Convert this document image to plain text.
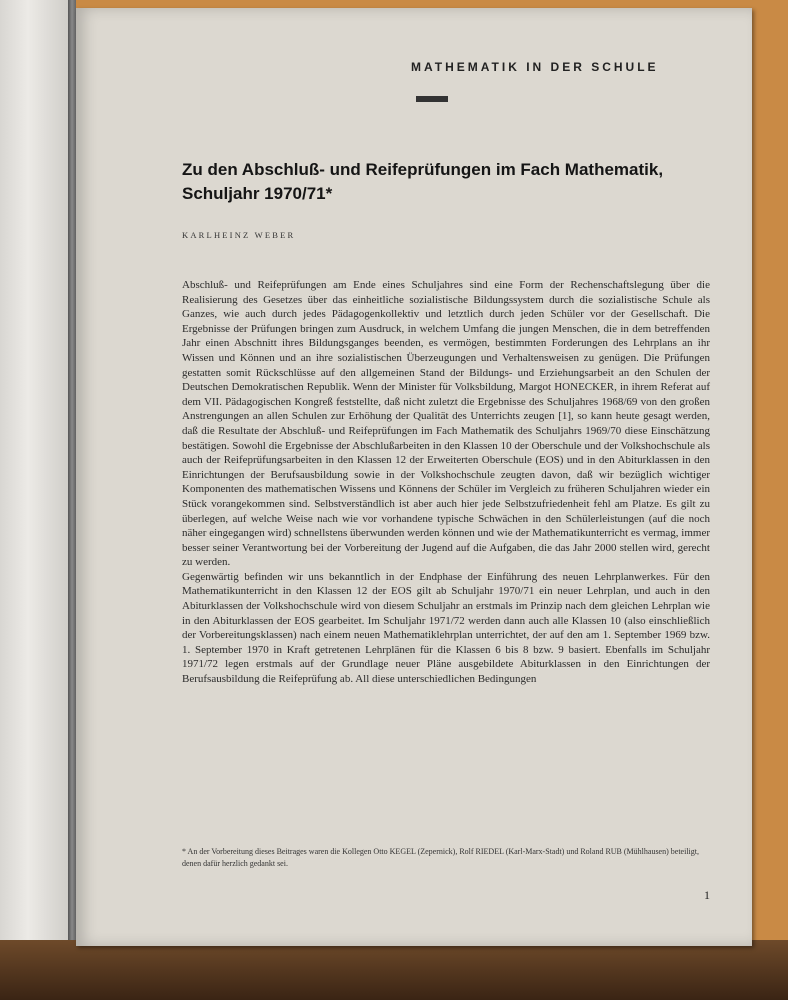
MATHEMATIK IN DER SCHULE
Zu den Abschluß- und Reifeprüfungen im Fach Mathematik,
Schuljahr 1970/71*
KARLHEINZ WEBER

Abschluß- und Reifeprüfungen am Ende eines Schuljahres sind eine Form der Rechenschaftslegung über die Realisierung des Gesetzes über das einheitliche sozialistische Bildungssystem durch die sozialistische Schule als Ganzes, wie auch durch jedes Pädagogenkollektiv und letztlich durch jeden Schüler vor der Gesellschaft. Die Ergebnisse der Prüfungen bringen zum Ausdruck, in welchem Umfang die jungen Menschen, die in dem betreffenden Jahr einen Abschnitt ihres Bildungsganges beenden, es vermögen, bestimmten Forderungen des Lehrplans an ihr Wissen und Können und an ihre sozialistischen Überzeugungen und Verhaltensweisen zu genügen. Die Prüfungen gestatten somit Rückschlüsse auf den allgemeinen Stand der Bildungs- und Erziehungsarbeit an den Schulen der Deutschen Demokratischen Republik. Wenn der Minister für Volksbildung, Margot HONECKER, in ihrem Referat auf dem VII. Pädagogischen Kongreß feststellte, daß nicht zuletzt die Ergebnisse des Schuljahres 1968/69 von den großen Anstrengungen an allen Schulen zur Erhöhung der Qualität des Unterrichts zeugen [1], so kann heute gesagt werden, daß die Resultate der Abschluß- und Reifeprüfungen im Fach Mathematik des Schuljahrs 1969/70 diese Einschätzung bestätigen. Sowohl die Ergebnisse der Abschlußarbeiten in den Klassen 10 der Oberschule und der Volkshochschule als auch der Reifeprüfungsarbeiten in den Klassen 12 der Erweiterten Oberschule (EOS) und in den Abiturklassen in den Einrichtungen der Berufsausbildung sowie in der Volkshochschule zeugten davon, daß wir bezüglich wichtiger Komponenten des mathematischen Wissens und Könnens der Schüler im Vergleich zu früheren Schuljahren wieder ein Stück vorangekommen sind. Selbstverständlich ist aber auch hier jede Selbstzufriedenheit fehl am Platze. Es gilt zu überlegen, auf welche Weise nach wie vor vorhandene typische Schwächen in den Schülerleistungen (auf die noch näher eingegangen wird) schnellstens überwunden werden können und wie der Mathematikunterricht es vermag, immer besser seiner Verantwortung bei der Vorbereitung der Jugend auf die Aufgaben, die das Jahr 2000 stellen wird, gerecht zu werden.

Gegenwärtig befinden wir uns bekanntlich in der Endphase der Einführung des neuen Lehrplanwerkes. Für den Mathematikunterricht in den Klassen 12 der EOS gilt ab Schuljahr 1970/71 ein neuer Lehrplan, und auch in den Abiturklassen der Volkshochschule wird von diesem Schuljahr an erstmals im Prinzip nach dem gleichen Lehrplan wie in den Abiturklassen der EOS gearbeitet. Im Schuljahr 1971/72 werden dann auch alle Klassen 10 (also einschließlich der Vorbereitungsklassen) nach einem neuen Mathematiklehrplan unterrichtet, der auf den am 1. September 1969 bzw. 1. September 1970 in Kraft getretenen Lehrplänen für die Klassen 6 bis 8 bzw. 9 basiert. Ebenfalls im Schuljahr 1971/72 legen erstmals auf der Grundlage neuer Pläne ausgebildete Abiturklassen in den Einrichtungen der Berufsausbildung die Reifeprüfung ab. All diese unterschiedlichen Bedingungen

* An der Vorbereitung dieses Beitrages waren die Kollegen Otto KEGEL (Zepernick), Rolf RIEDEL (Karl-Marx-Stadt) und Roland RUB (Mühlhausen) beteiligt, denen dafür herzlich gedankt sei.
1
